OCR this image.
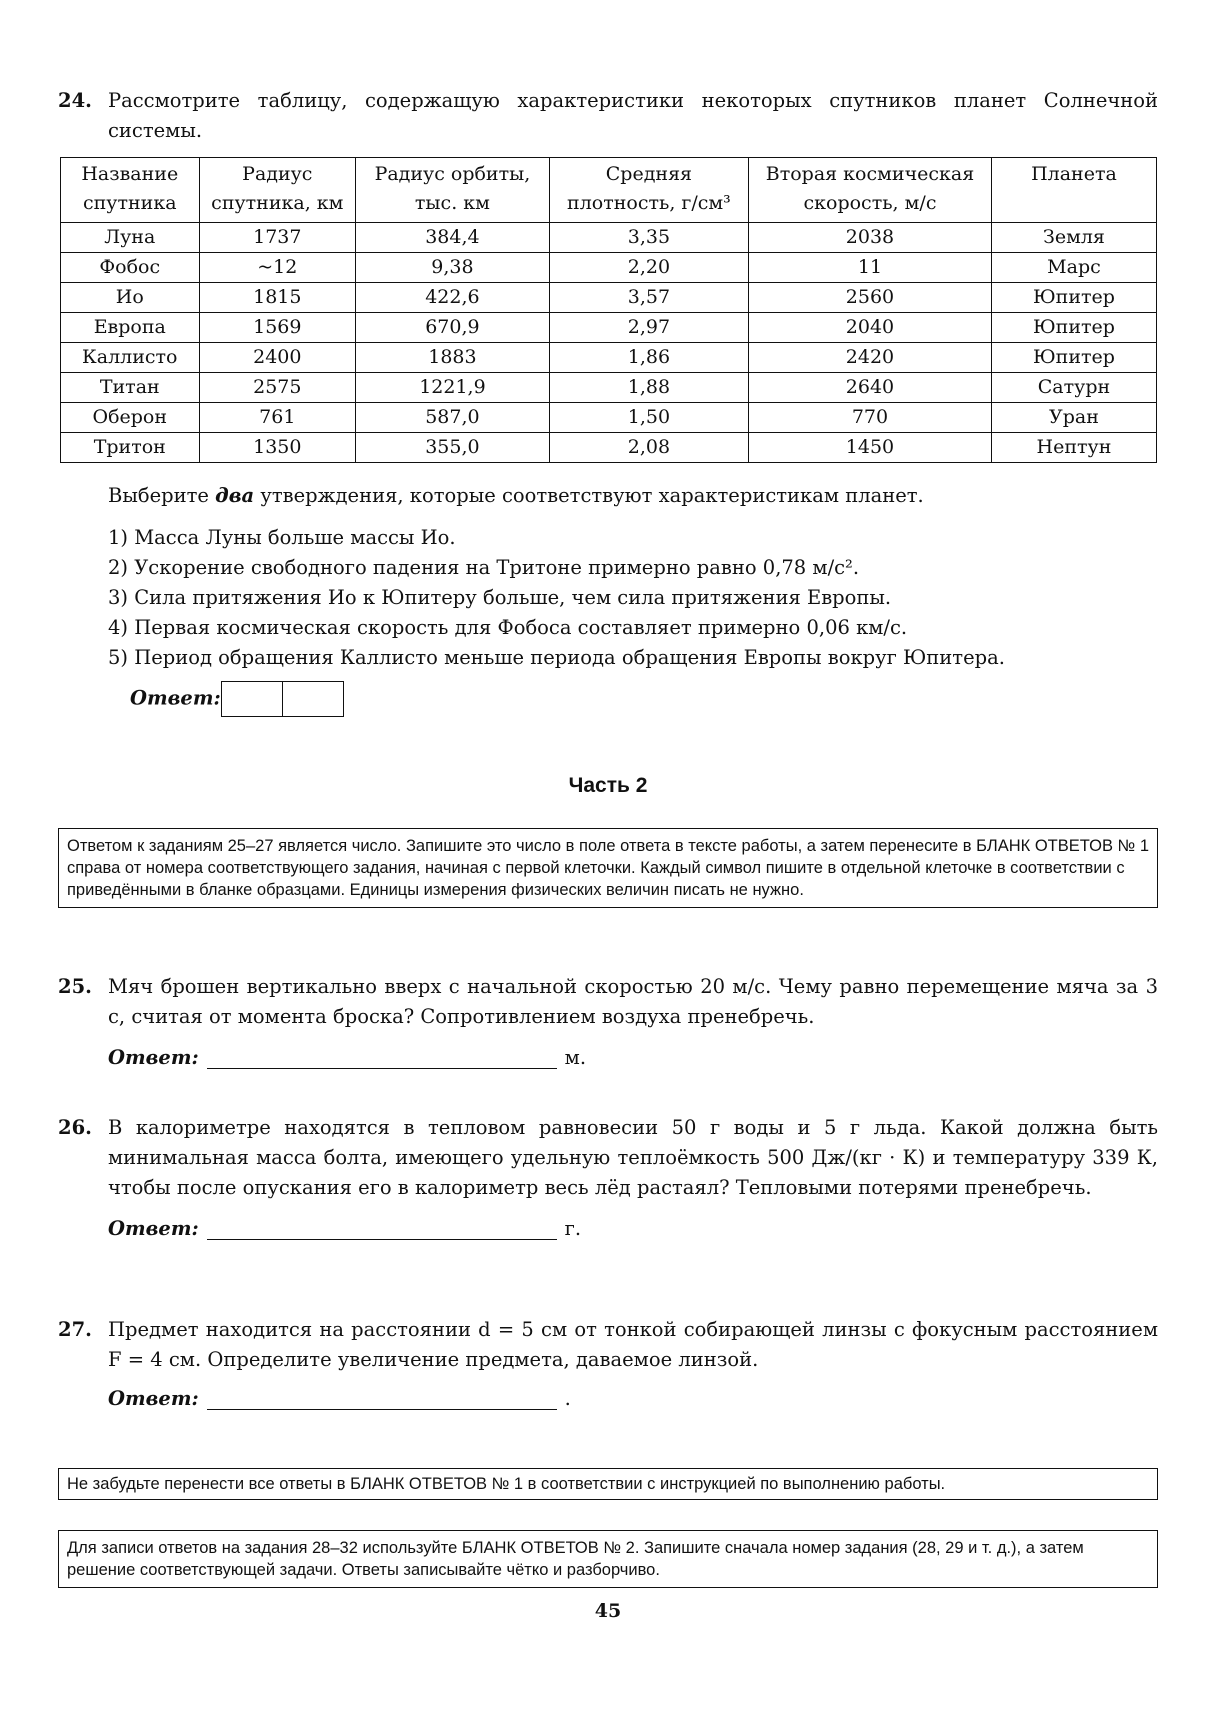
24. Рассмотрите таблицу, содержащую характеристики некоторых спутников планет Солнечной системы.
Название спутника	Радиус спутника, км	Радиус орбиты, тыс. км	Средняя плотность, г/см³	Вторая космическая скорость, м/с	Планета
Луна	1737	384,4	3,35	2038	Земля
Фобос	~12	9,38	2,20	11	Марс
Ио	1815	422,6	3,57	2560	Юпитер
Европа	1569	670,9	2,97	2040	Юпитер
Каллисто	2400	1883	1,86	2420	Юпитер
Титан	2575	1221,9	1,88	2640	Сатурн
Оберон	761	587,0	1,50	770	Уран
Тритон	1350	355,0	2,08	1450	Нептун
Выберите два утверждения, которые соответствуют характеристикам планет.
1) Масса Луны больше массы Ио.
2) Ускорение свободного падения на Тритоне примерно равно 0,78 м/с².
3) Сила притяжения Ио к Юпитеру больше, чем сила притяжения Европы.
4) Первая космическая скорость для Фобоса составляет примерно 0,06 км/с.
5) Период обращения Каллисто меньше периода обращения Европы вокруг Юпитера.
Ответ:
Часть 2
Ответом к заданиям 25–27 является число. Запишите это число в поле ответа в тексте работы, а затем перенесите в БЛАНК ОТВЕТОВ № 1 справа от номера соответствующего задания, начиная с первой клеточки. Каждый символ пишите в отдельной клеточке в соответствии с приведёнными в бланке образцами. Единицы измерения физических величин писать не нужно.
25. Мяч брошен вертикально вверх с начальной скоростью 20 м/с. Чему равно перемещение мяча за 3 с, считая от момента броска? Сопротивлением воздуха пренебречь.
Ответ:	м.
26. В калориметре находятся в тепловом равновесии 50 г воды и 5 г льда. Какой должна быть минимальная масса болта, имеющего удельную теплоёмкость 500 Дж/(кг · К) и температуру 339 К, чтобы после опускания его в калориметр весь лёд растаял? Тепловыми потерями пренебречь.
Ответ:	г.
27. Предмет находится на расстоянии d = 5 см от тонкой собирающей линзы с фокусным расстоянием F = 4 см. Определите увеличение предмета, даваемое линзой.
Ответ:	.
Не забудьте перенести все ответы в БЛАНК ОТВЕТОВ № 1 в соответствии с инструкцией по выполнению работы.
Для записи ответов на задания 28–32 используйте БЛАНК ОТВЕТОВ № 2. Запишите сначала номер задания (28, 29 и т. д.), а затем решение соответствующей задачи. Ответы записывайте чётко и разборчиво.
45
